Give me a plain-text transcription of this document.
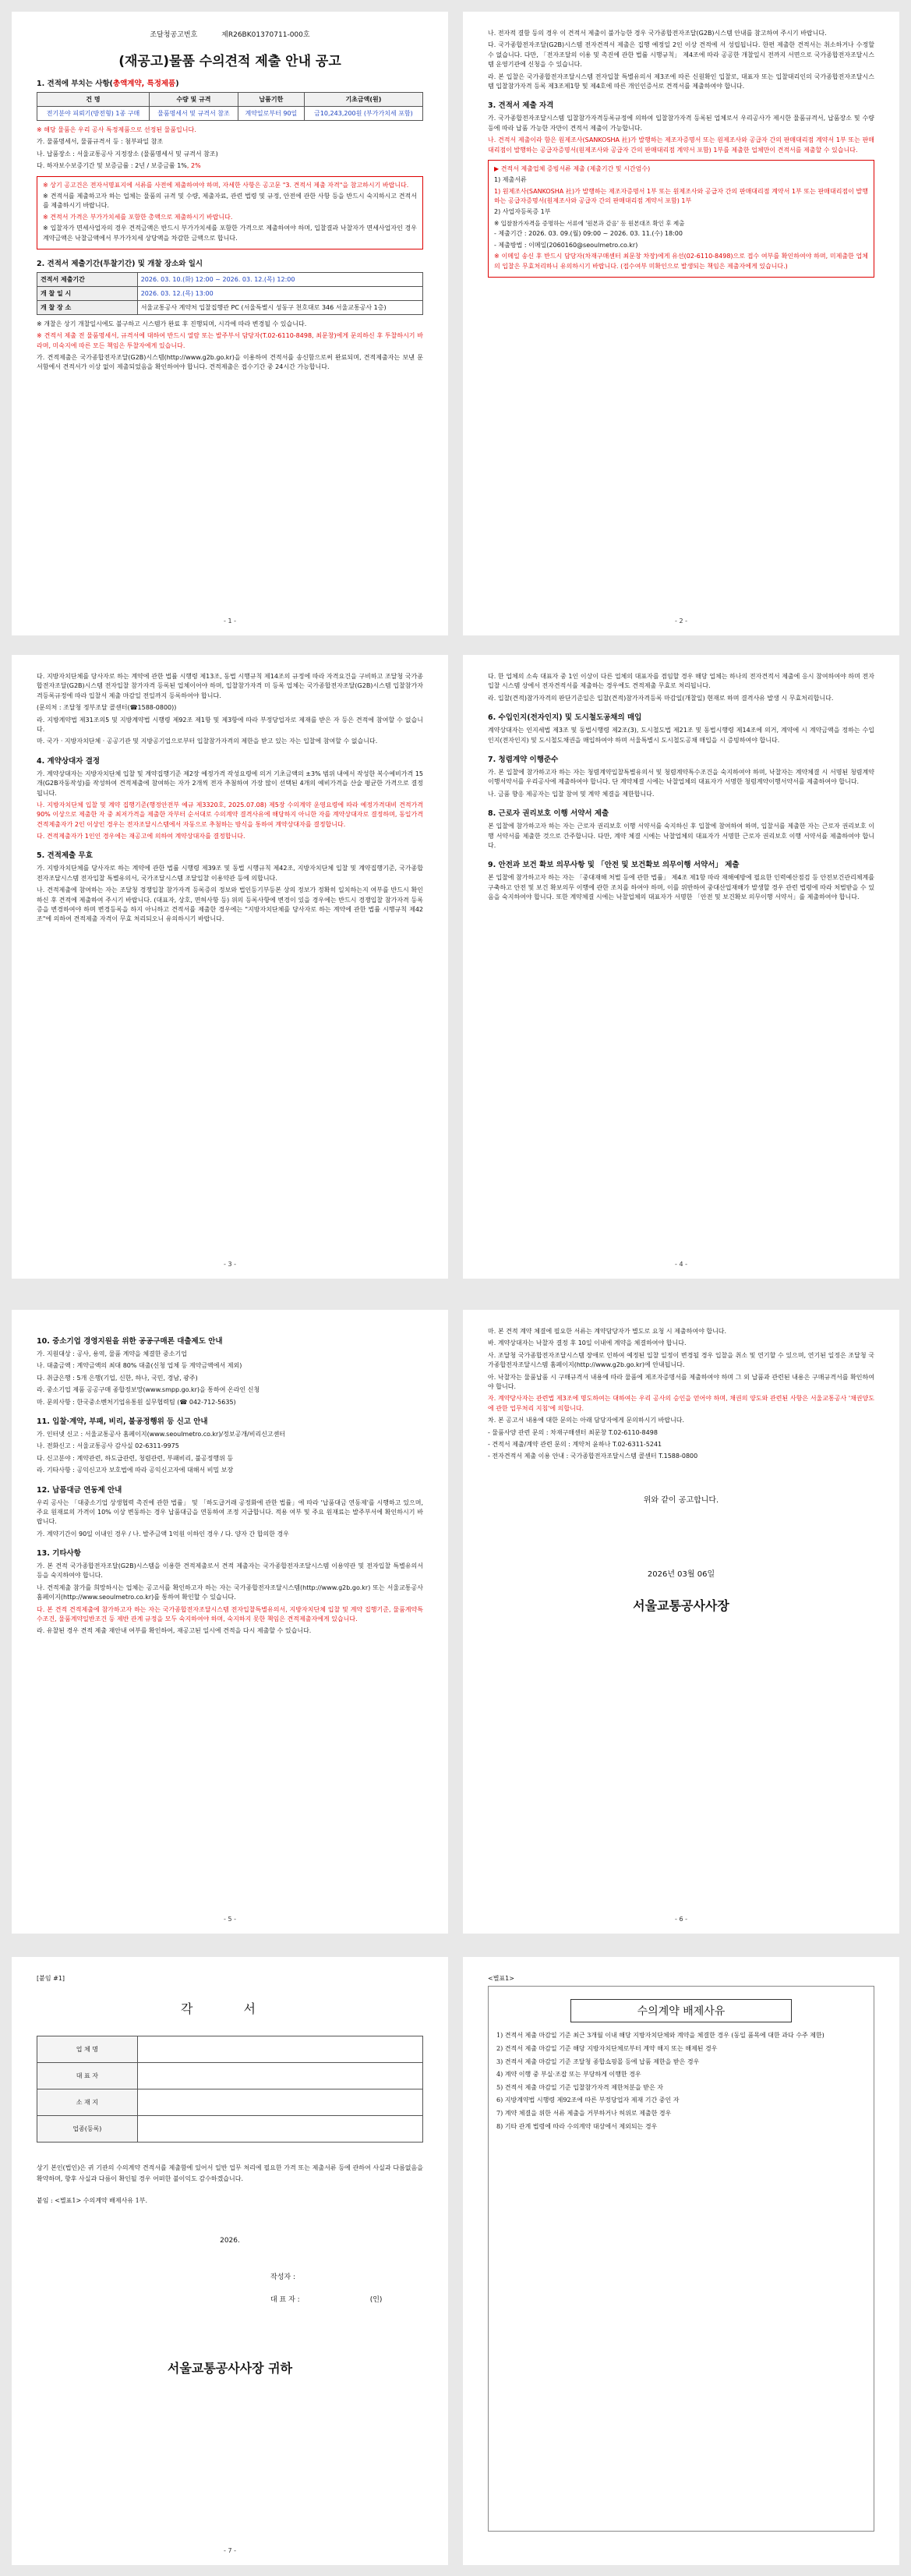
조달청공고번호	제R26BK01370711-000호
(재공고)물품 수의견적 제출 안내 공고
1. 견적에 부치는 사항(총액계약, 특정제품)
건 명	수량 및 규격	납품기한	기초금액(원)
전기분야 피뢰기(방전형) 1종 구매	물품명세서 및 규격서 참조	계약일로부터 90일	금10,243,200원 (부가가치세 포함)

※ 해당 물품은 우리 공사 특정제품으로 선정된 물품입니다.

가. 물품명세서, 물품규격서 등 : 첨부파일 참조

나. 납품장소 : 서울교통공사 지정장소 (물품명세서 및 규격서 참조)

다. 하자보수보증기간 및 보증금률 : 2년 / 보증금률 1%, 2%

※ 상기 공고건은 전자서명표지에 서류를 사전에 제출하여야 하며, 자세한 사항은 공고문 "3. 견적서 제출 자격"을 참고하시기 바랍니다.

※ 견적서를 제출하고자 하는 업체는 물품의 규격 및 수량, 제출자료, 관련 법령 및 규정, 안전에 관한 사항 등을 반드시 숙지하시고 견적서를 제출하시기 바랍니다.

※ 견적서 가격은 부가가치세를 포함한 총액으로 제출하시기 바랍니다.

※ 입찰자가 면세사업자의 경우 견적금액은 반드시 부가가치세를 포함한 가격으로 제출하여야 하며, 입찰결과 낙찰자가 면세사업자인 경우 계약금액은 낙찰금액에서 부가가치세 상당액을 차감한 금액으로 합니다.

2. 견적서 제출기간(투찰기간) 및 개찰 장소와 일시
견적서 제출기간	2026. 03. 10.(화) 12:00 ~ 2026. 03. 12.(목) 12:00
개 찰 일 시	2026. 03. 12.(목) 13:00
개 찰 장 소	서울교통공사 계약처 입찰집행관 PC (서울특별시 성동구 천호대로 346 서울교통공사 1층)

※ 개찰은 상기 개찰일시에도 불구하고 시스템가 완료 후 진행되며, 시각에 따라 변경될 수 있습니다.

※ 견적서 제출 전 물품명세서, 규격서에 대하여 반드시 열람 또는 발주부서 담당자(T.02-6110-8498, 최문창)에게 문의하신 후 투찰하시기 바라며, 미숙지에 따른 모든 책임은 투찰자에게 있습니다.

가. 견적제출은 국가종합전자조달(G2B)시스템(http://www.g2b.go.kr)을 이용하여 견적서를 송신함으로써 완료되며, 견적제출자는 보낸 문서함에서 견적서가 이상 없이 제출되었음을 확인하여야 합니다. 견적제출은 접수기간 중 24시간 가능합니다.

- 1 -

나. 전자적 결함 등의 경우 이 견적서 제출이 불가능한 경우 국가종합전자조달(G2B)시스템 안내를 참고하여 주시기 바랍니다.

다. 국가종합전자조달(G2B)시스템 전자견적서 제출은 집행 예정일 2인 이상 견적에 서 성립됩니다. 한편 제출한 견적서는 취소하거나 수정할 수 없습니다. 다만, 「전자조달의 이용 및 촉진에 관한 법률 시행규칙」 제4조에 따라 공공한 개찰일시 전까지 서면으로 국가종합전자조달시스템 운영기관에 신청을 수 있습니다.

라. 본 입찰은 국가종합전자조달시스템 전자입찰 특별유의서 제3조에 따른 신원확인 입찰로, 대표자 또는 입찰대리인의 국가종합전자조달시스템 입찰참가자격 등록 제3조제1항 및 제4호에 따른 개인인증서로 견적서를 제출하여야 합니다.

3. 견적서 제출 자격

가. 국가종합전자조달시스템 입찰참가자격등록규정에 의하여 입찰참가자격 등록된 업체로서 우리공사가 제시한 물품규격서, 납품장소 및 수량 등에 따라 납품 가능한 자만이 견적서 제출이 가능합니다.

나. 견적서 제출이라 함은 원제조사(SANKOSHA 社)가 발행하는 제조자증명서 또는 원제조사와 공급자 간의 판매대리점 계약서 1부 또는 판매대리점이 발행하는 공급자증명서(원제조사와 공급자 간의 판매대리점 계약서 포함) 1부를 제출한 업체만이 견적서를 제출할 수 있습니다.

▶ 견적서 제출업체 증빙서류 제출 (제출기간 및 시간엄수)

1) 제출서류

1) 원제조사(SANKOSHA 社)가 발행하는 제조자증명서 1부 또는 원제조사와 공급자 간의 판매대리점 계약서 1부 또는 판매대리점이 발행하는 공급자증명서(원제조사와 공급자 간의 판매대리점 계약서 포함) 1부

2) 사업자등록증 1부

※ 입찰참가자격을 증명하는 서류에 '원본과 같음' 등 원본대조 확인 후 제출

- 제출기간 : 2026. 03. 09.(월) 09:00 ~ 2026. 03. 11.(수) 18:00

- 제출방법 : 이메일(2060160@seoulmetro.co.kr)

※ 이메일 송신 후 반드시 담당자(차재구매센터 최문창 차장)에게 유선(02-6110-8498)으로 접수 여부를 확인하여야 하며, 미제출한 업체의 입찰은 무효처리하니 유의하시기 바랍니다. (접수여부 미확인으로 발생되는 책임은 제출자에게 있습니다.)

- 2 -

다. 지방자치단체를 당사자로 하는 계약에 관한 법률 시행령 제13조, 동법 시행규칙 제14조의 규정에 따라 자격요건을 구비하고 조달청 국가종합전자조달(G2B)시스템 전자입찰 참가자격 등록된 업체이어야 하며, 입찰참가자격 미 등록 업체는 국가종합전자조달(G2B)시스템 입찰참가자격등록규정에 따라 입찰서 제출 마감일 전일까지 등록하여야 합니다.

(문의처 : 조달청 정부조달 콜센터(☎1588-0800))

라. 지방계약법 제31조의5 및 지방계약법 시행령 제92조 제1항 및 제3항에 따라 부정당업자로 제재를 받은 자 등은 견적에 참여할 수 없습니다.

마. 국가 · 지방자치단체 · 공공기관 및 지방공기업으로부터 입찰참가자격의 제한을 받고 있는 자는 입찰에 참여할 수 없습니다.

4. 계약상대자 결정

가. 계약상대자는 지방자치단체 입찰 및 계약집행기준 제2장 예정가격 작성요령에 의거 기초금액의 ±3% 범위 내에서 작성한 복수예비가격 15개(G2B자동작성)를 작성하여 견적제출에 참여하는 자가 2개씩 전자 추첨하여 가장 많이 선택된 4개의 예비가격을 산술 평균한 가격으로 결정됩니다.

나. 지방자치단체 입찰 및 계약 집행기준(행정안전부 예규 제3320호, 2025.07.08) 제5장 수의계약 운영요령에 따라 예정가격대비 견적가격 90% 이상으로 제출한 자 중 최저가격을 제출한 자부터 순서대로 수의계약 결격사유에 해당하지 아니한 자를 계약상대자로 결정하며, 동일가격 견적제출자가 2인 이상인 경우는 전자조달시스템에서 자동으로 추첨하는 방식을 통하여 계약상대자를 결정합니다.

다. 견적제출자가 1인인 경우에는 재공고에 의하여 계약상대자를 결정합니다.

5. 견적제출 무효

가. 지방자치단체를 당사자로 하는 계약에 관한 법률 시행령 제39조 및 동법 시행규칙 제42조, 지방자치단체 입찰 및 계약집행기준, 국가종합전자조달시스템 전자입찰 특별유의서, 국가조달시스템 조달입찰 이용약관 등에 의합니다.

나. 견적제출에 참여하는 자는 조달청 경쟁입찰 참가자격 등록증의 정보와 법인등기부등본 상의 정보가 정확히 일치하는지 여부를 반드시 확인하신 후 견적에 제출하여 주시기 바랍니다. (대표자, 상호, 면허사항 등) 위의 등록사항에 변경이 있을 경우에는 반드시 경쟁입찰 참가자격 등록증을 변경하여야 하며 변경등록을 하지 아니하고 견적서를 제출한 경우에는 "지방자치단체를 당사자로 하는 계약에 관한 법률 시행규칙 제42조"에 의하여 견적제출 자격이 무효 처리되오니 유의하시기 바랍니다.

- 3 -

다. 한 업체의 소속 대표자 중 1인 이상이 다른 업체의 대표자를 겸임할 경우 해당 업체는 하나의 전자견적서 제출에 응시 참여하여야 하며 전자입찰 시스템 상에서 전자견적서를 제출하는 경우에도 견적제출 무효로 처리됩니다.

라. 입찰(견적)참가자격의 판단기준일은 입찰(견적)참가자격등록 마감일(개찰일) 현재로 하며 결격사유 발생 시 무효처리합니다.

6. 수입인지(전자인지) 및 도시철도공채의 매입

계약상대자는 인지세법 제3조 및 동법시행령 제2조(3), 도시철도법 제21조 및 동법시행령 제14조에 의거, 계약에 시 계약금액을 정하는 수입인지(전자인지) 및 도시철도채권을 매입하여야 하며 서울특별시 도시철도공채 매입을 시 증빙하여야 합니다.

7. 청렴계약 이행준수

가. 본 입찰에 참가하고자 하는 자는 청렴계약입찰특별유의서 및 청렴계약특수조건을 숙지하여야 하며, 낙찰자는 계약체결 시 서명된 청렴계약이행서약서를 우리공사에 제출하여야 합니다. 단 계약체결 시에는 낙찰업체의 대표자가 서명한 청렴계약이행서약서를 제출하여야 합니다.

나. 금품 향응 제공자는 입찰 참여 및 계약 체결을 제한합니다.

8. 근로자 권리보호 이행 서약서 제출

본 입찰에 참가하고자 하는 자는 근로자 권리보호 이행 서약서를 숙지하신 후 입찰에 참여하여 하며, 입찰서를 제출한 자는 근로자 권리보호 이행 서약서를 제출한 것으로 간주합니다. 다만, 계약 체결 시에는 낙찰업체의 대표자가 서명한 근로자 권리보호 이행 서약서를 제출하여야 합니다.

9. 안전과 보건 확보 의무사항 및 「안전 및 보건확보 의무이행 서약서」 제출

본 입찰에 참가하고자 하는 자는 「중대재해 처벌 등에 관한 법률」 제4조 제1항 따라 재해예방에 필요한 인력예산점검 등 안전보건관리체계를 구축하고 안전 및 보건 확보의무 이행에 관한 조치를 하여야 하며, 이를 위반하여 중대산업재해가 발생할 경우 관련 법령에 따라 처벌받을 수 있음을 숙지하여야 합니다. 또한 계약체결 시에는 낙찰업체의 대표자가 서명한 「안전 및 보건확보 의무이행 서약서」를 제출하여야 합니다.

- 4 -
10. 중소기업 경영지원을 위한 공공구매론 대출제도 안내

가. 지원대상 : 공사, 용역, 물품 계약을 체결한 중소기업

나. 대출금액 : 계약금액의 최대 80% 대출(신청 업체 등 계약금액에서 제외)

다. 취급은행 : 5개 은행(기업, 신한, 하나, 국민, 경남, 광주)

라. 중소기업 제품 공공구매 종합정보망(www.smpp.go.kr)을 통하여 온라인 신청

마. 문의사항 : 한국중소벤처기업유통원 실무협력팀 (☎ 042-712-5635)

11. 입찰·계약, 부패, 비리, 불공정행위 등 신고 안내

가. 인터넷 신고 : 서울교통공사 홈페이지(www.seoulmetro.co.kr)/정보공개/비리신고센터

나. 전화신고 : 서울교통공사 감사실 02-6311-9975

다. 신고분야 : 계약관련, 하도급관련, 청렴관련, 부패비리, 불공정행위 등

라. 기타사항 : 공익신고자 보호법에 따라 공익신고자에 대해서 비밀 보장

12. 납품대금 연동제 안내

우리 공사는 「대중소기업 상생협력 촉진에 관한 법률」 및 「하도급거래 공정화에 관한 법률」에 따라 '납품대금 연동제'를 시행하고 있으며, 주요 원재료의 가격이 10% 이상 변동하는 경우 납품대금을 연동하여 조정 지급합니다. 적용 여부 및 주요 원재료는 발주부서에 확인하시기 바랍니다.

가. 계약기간이 90일 이내인 경우 / 나. 발주금액 1억원 이하인 경우 / 다. 양자 간 합의한 경우

13. 기타사항

가. 본 견적 국가종합전자조달(G2B)시스템을 이용한 견적제출로서 견적 제출자는 국가종합전자조달시스템 이용약관 및 전자입찰 특별유의서 등을 숙지하여야 합니다.

나. 견적제출 참가를 희망하시는 업체는 공고서를 확인하고자 하는 자는 국가종합전자조달시스템(http://www.g2b.go.kr) 또는 서울교통공사 홈페이지(http://www.seoulmetro.co.kr)를 통하여 확인할 수 있습니다.

다. 본 견적 견적제출에 참가하고자 하는 자는 국가종합전자조달시스템 전자입찰특별유의서, 지방자치단체 입찰 및 계약 집행기준, 물품계약특수조건, 물품계약일반조건 등 제반 관계 규정을 모두 숙지하여야 하며, 숙지하지 못한 책임은 견적제출자에게 있습니다.

라. 유찰된 경우 견적 제출 재안내 여부를 확인하여, 재공고된 일시에 견적을 다시 제출할 수 있습니다.

- 5 -

마. 본 견적 계약 체결에 필요한 서류는 계약담당자가 별도로 요청 시 제출하여야 합니다.

바. 계약상대자는 낙찰자 결정 후 10일 이내에 계약을 체결하여야 합니다.

사. 조달청 국가종합전자조달시스템 장애로 인하여 예정된 입찰 일정이 변경될 경우 입찰을 취소 및 연기할 수 있으며, 연기된 일정은 조달청 국가종합전자조달시스템 홈페이지(http://www.g2b.go.kr)에 안내됩니다.

아. 낙찰자는 물품납품 시 구매규격서 내용에 따라 물품에 제조자증명서를 제출하여야 하며 그 외 납품과 관련된 내용은 구매규격서를 확인하여야 합니다.

자. 계약당사자는 관련법 제3조에 명도하여는 대하여는 우리 공사의 승인을 얻어야 하며, 채권의 양도와 관련된 사항은 서울교통공사 '채권양도에 관한 업무처리 지침'에 의합니다.

차. 본 공고서 내용에 대한 문의는 아래 담당자에게 문의하시기 바랍니다.

- 물품사양 관련 문의 : 차재구매센터 최문창 T.02-6110-8498

- 견적서 제출/계약 관련 문의 : 계약처 윤하나 T.02-6311-5241

- 전자견적서 제출 이용 안내 : 국가종합전자조달시스템 콜센터 T.1588-0800

위와 같이 공고합니다.
2026년 03월 06일
서울교통공사사장
- 6 -

[붙임 #1]

각 서
업 체 명	
대 표 자	
소 재 지	
업종(등록)	

상기 본인(법인)은 귀 기관의 수의계약 견적서를 제출함에 있어서 일반 업무 처리에 필요한 가격 또는 제출서류 등에 관하여 사실과 다름없음을 확약하며, 향후 사실과 다름이 확인될 경우 어떠한 불이익도 감수하겠습니다.

붙임 : <별표1> 수의계약 배제사유 1부.

2026.
작성자 :
대 표 자 :	(인)
서울교통공사사장 귀하
- 7 -

<별표1>

수의계약 배제사유

1) 견적서 제출 마감일 기준 최근 3개월 이내 해당 지방자치단체와 계약을 체결한 경우 (동일 품목에 대한 과다 수주 제한)

2) 견적서 제출 마감일 기준 해당 지방자치단체로부터 계약 해지 또는 해제된 경우

3) 견적서 제출 마감일 기준 조달청 종합쇼핑몰 등에 납품 제한을 받은 경우

4) 계약 이행 중 부실·조잡 또는 부당하게 이행한 경우

5) 견적서 제출 마감일 기준 입찰참가자격 제한처분을 받은 자

6) 지방계약법 시행령 제92조에 따른 부정당업자 제재 기간 중인 자

7) 계약 체결을 위한 서류 제출을 거부하거나 허위로 제출한 경우

8) 기타 관계 법령에 따라 수의계약 대상에서 제외되는 경우
